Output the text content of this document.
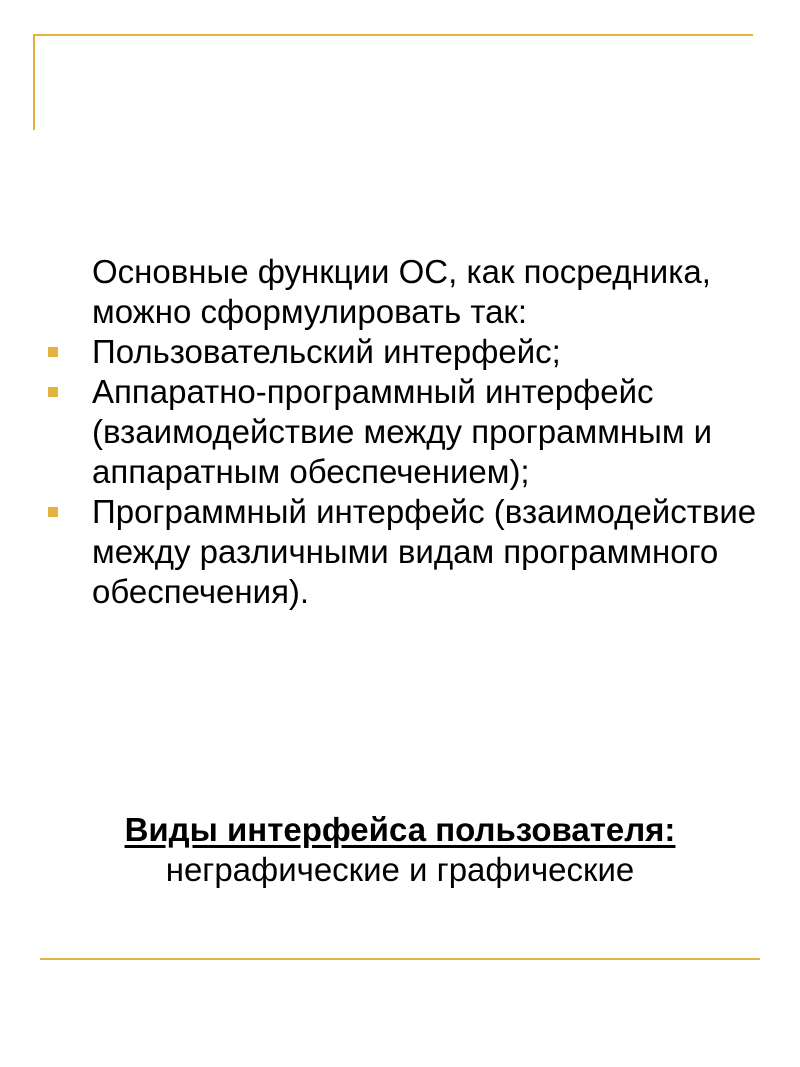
Основные функции ОС, как посредника, можно сформулировать так:

Пользовательский интерфейс;
Аппаратно-программный интерфейс (взаимодействие между программным и аппаратным обеспечением);
Программный интерфейс (взаимодействие между различными видам программного обеспечения).
Виды интерфейса пользователя:
неграфические и графические
